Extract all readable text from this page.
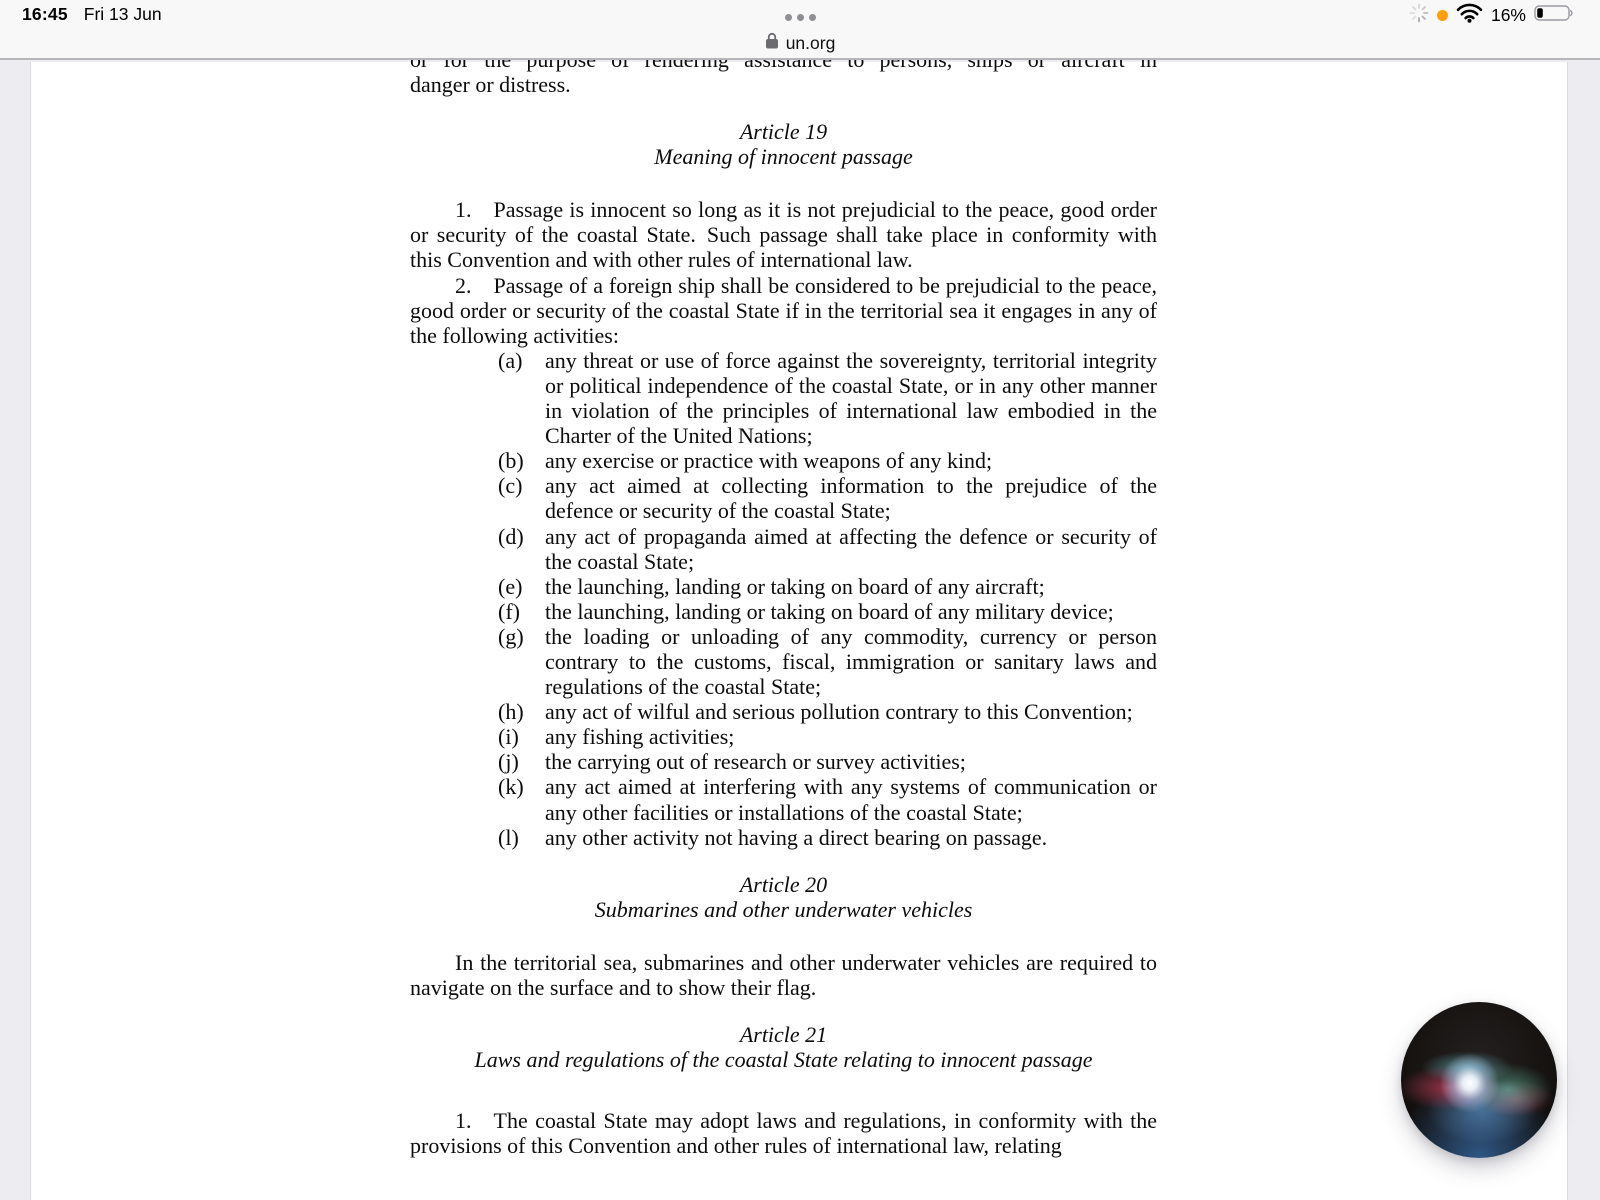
16:45 Fri 13 Jun	16%
un.org
danger or distress.
Article 19
Meaning of innocent passage
1. Passage is innocent so long as it is not prejudicial to the peace, good order or security of the coastal State. Such passage shall take place in conformity with this Convention and with other rules of international law.
2. Passage of a foreign ship shall be considered to be prejudicial to the peace, good order or security of the coastal State if in the territorial sea it engages in any of the following activities:
(a) any threat or use of force against the sovereignty, territorial integrity or political independence of the coastal State, or in any other manner in violation of the principles of international law embodied in the Charter of the United Nations;
(b) any exercise or practice with weapons of any kind;
(c) any act aimed at collecting information to the prejudice of the defence or security of the coastal State;
(d) any act of propaganda aimed at affecting the defence or security of the coastal State;
(e) the launching, landing or taking on board of any aircraft;
(f) the launching, landing or taking on board of any military device;
(g) the loading or unloading of any commodity, currency or person contrary to the customs, fiscal, immigration or sanitary laws and regulations of the coastal State;
(h) any act of wilful and serious pollution contrary to this Convention;
(i) any fishing activities;
(j) the carrying out of research or survey activities;
(k) any act aimed at interfering with any systems of communication or any other facilities or installations of the coastal State;
(l) any other activity not having a direct bearing on passage.
Article 20
Submarines and other underwater vehicles
In the territorial sea, submarines and other underwater vehicles are required to navigate on the surface and to show their flag.
Article 21
Laws and regulations of the coastal State relating to innocent passage
1. The coastal State may adopt laws and regulations, in conformity with the provisions of this Convention and other rules of international law, relating
